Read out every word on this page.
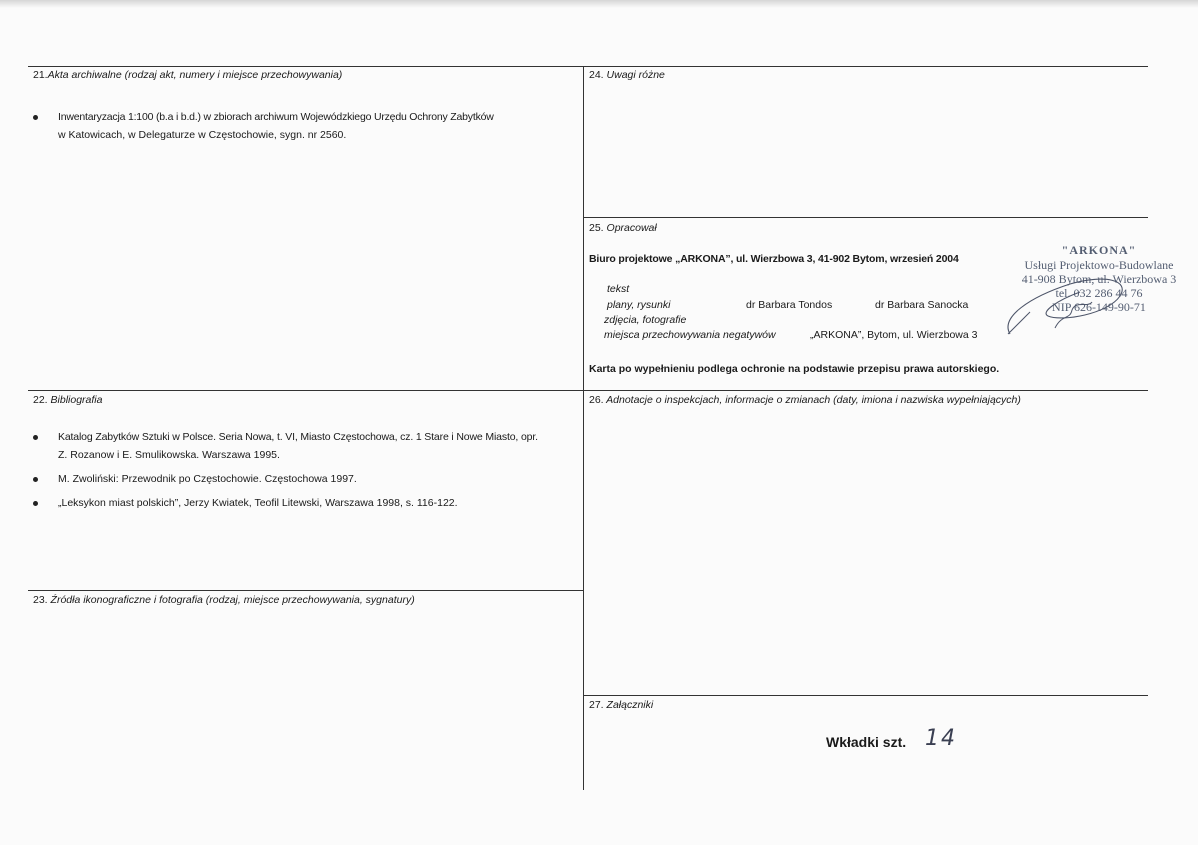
21.Akta archiwalne (rodzaj akt, numery i miejsce przechowywania)
Inwentaryzacja 1:100 (b.a i b.d.) w zbiorach archiwum Wojewódzkiego Urzędu Ochrony Zabytków
w Katowicach, w Delegaturze w Częstochowie, sygn. nr 2560.
24. Uwagi różne
25. Opracował
Biuro projektowe „ARKONA”, ul. Wierzbowa 3, 41-902 Bytom, wrzesień 2004
tekst
plany, rysunki	dr Barbara Tondos	dr Barbara Sanocka
zdjęcia, fotografie
miejsca przechowywania negatywów	„ARKONA”, Bytom, ul. Wierzbowa 3
Karta po wypełnieniu podlega ochronie na podstawie przepisu prawa autorskiego.
"ARKONA"
Usługi Projektowo-Budowlane
41-908 Bytom, ul. Wierzbowa 3
tel. 032 286 44 76
NIP 626-149-90-71
22. Bibliografia
Katalog Zabytków Sztuki w Polsce. Seria Nowa, t. VI, Miasto Częstochowa, cz. 1 Stare i Nowe Miasto, opr.
Z. Rozanow i E. Smulikowska. Warszawa 1995.
M. Zwoliński: Przewodnik po Częstochowie. Częstochowa 1997.
„Leksykon miast polskich”, Jerzy Kwiatek, Teofil Litewski, Warszawa 1998, s. 116-122.
23. Źródła ikonograficzne i fotografia (rodzaj, miejsce przechowywania, sygnatury)
26. Adnotacje o inspekcjach, informacje o zmianach (daty, imiona i nazwiska wypełniających)
27. Załączniki
Wkładki szt. 14
